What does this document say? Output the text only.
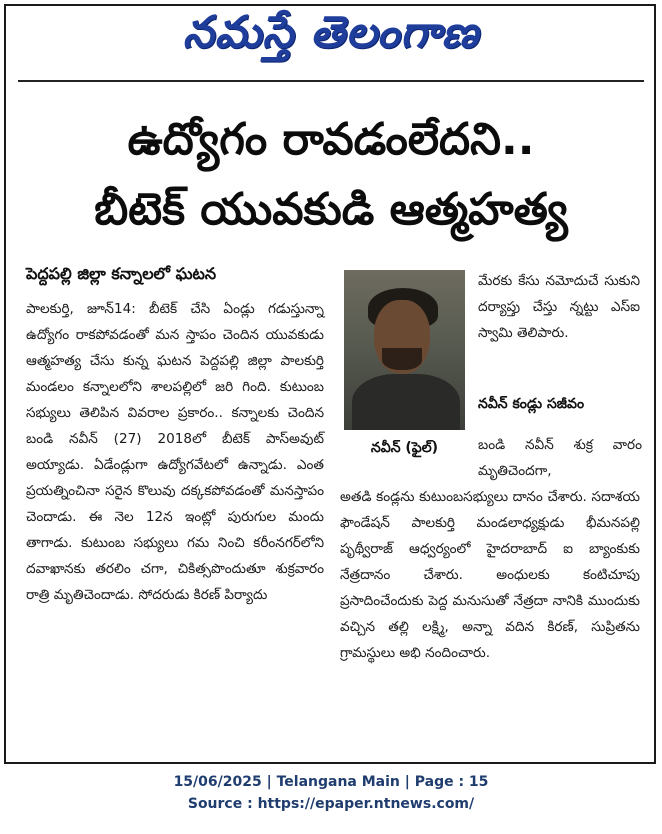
నమస్తే తెలంగాణ
ఉద్యోగం రావడంలేదని..
బీటెక్ యువకుడి ఆత్మహత్య
పెద్దపల్లి జిల్లా కన్నాలలో ఘటన

పాలకుర్తి, జూన్14: బీటెక్ చేసి ఏండ్లు గడుస్తున్నా ఉద్యోగం రాకపోవడంతో మన స్తాపం చెందిన యువకుడు ఆత్మహత్య చేసు కున్న ఘటన పెద్దపల్లి జిల్లా పాలకుర్తి మండలం కన్నాలలోని శాలపల్లిలో జరి గింది. కుటుంబ సభ్యులు తెలిపిన వివరాల ప్రకారం.. కన్నాలకు చెందిన బండి నవీన్ (27) 2018లో బీటెక్ పాస్‌అవుట్ అయ్యాడు. ఏడేండ్లుగా ఉద్యోగవేటలో ఉన్నాడు. ఎంత ప్రయత్నించినా సరైన కొలువు దక్కకపోవడంతో మనస్తాపం చెందాడు. ఈ నెల 12న ఇంట్లో పురుగుల మందు తాగాడు. కుటుంబ సభ్యులు గమ నించి కరీంనగర్‌లోని దవాఖానకు తరలిం చగా, చికిత్సపొందుతూ శుక్రవారం రాత్రి మృతిచెందాడు. సోదరుడు కిరణ్ పిర్యాదు

నవీన్ (ఫైల్)

మేరకు కేసు నమోదుచే సుకుని దర్యాప్తు చేస్తు న్నట్టు ఎస్ఐ స్వామి తెలిపారు.

నవీన్ కండ్లు సజీవం

బండి నవీన్ శుక్ర వారం మృతిచెందగా,

అతడి కండ్లను కుటుంబసభ్యులు దానం చేశారు. సదాశయ ఫౌండేషన్ పాలకుర్తి మండలాధ్యక్షుడు భీమనపల్లి పృథ్వీరాజ్ ఆధ్వర్యంలో హైదరాబాద్ ఐ బ్యాంకుకు నేత్రదానం చేశారు. అంధులకు కంటిచూపు ప్రసాదించేందుకు పెద్ద మనుసుతో నేత్రదా నానికి ముందుకు వచ్చిన తల్లి లక్ష్మి, అన్నా వదిన కిరణ్, సుప్రితను గ్రామస్థులు అభి నందించారు.

15/06/2025 | Telangana Main | Page : 15
Source : https://epaper.ntnews.com/
